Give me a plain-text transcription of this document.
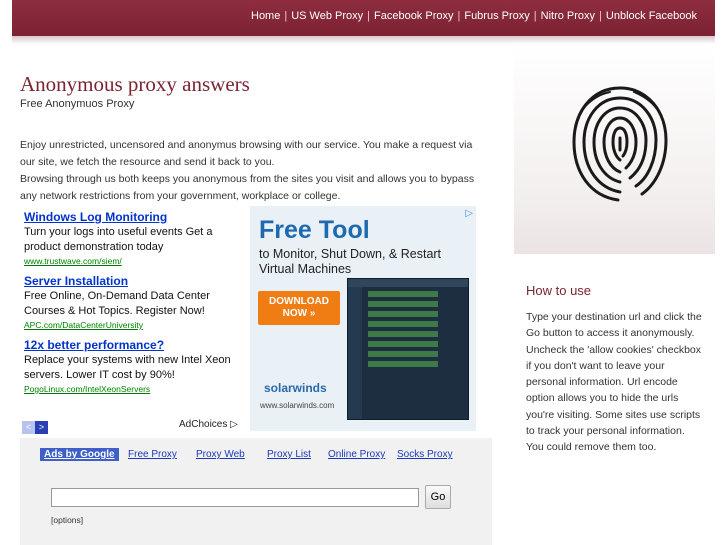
Home | US Web Proxy | Facebook Proxy | Fubrus Proxy | Nitro Proxy | Unblock Facebook
Anonymous proxy answers
Free Anonymuos Proxy

Enjoy unrestricted, uncensored and anonymus browsing with our service. You make a request via our site, we fetch the resource and send it back to you.

Browsing through us both keeps you anonymous from the sites you visit and allows you to bypass any network restrictions from your government, workplace or college.

Windows Log Monitoring
Turn your logs into useful events Get a product demonstration today
www.trustwave.com/siem/
Server Installation
Free Online, On-Demand Data Center Courses & Hot Topics. Register Now!
APC.com/DataCenterUniversity
12x better performance?
Replace your systems with new Intel Xeon servers. Lower IT cost by 90%!
PogoLinux.com/IntelXeonServers
< >	AdChoices ▷
▷
Free Tool
to Monitor, Shut Down, & Restart Virtual Machines
DOWNLOAD NOW »
solarwinds
www.solarwinds.com
Ads by Google	Free Proxy Proxy Web Proxy List Online Proxy Socks Proxy
Go
[options]
How to use
Type your destination url and click the Go button to access it anonymously. Uncheck the 'allow cookies' checkbox if you don't want to leave your personal information. Url encode option allows you to hide the urls you're visiting. Some sites use scripts to track your personal information. You could remove them too.
